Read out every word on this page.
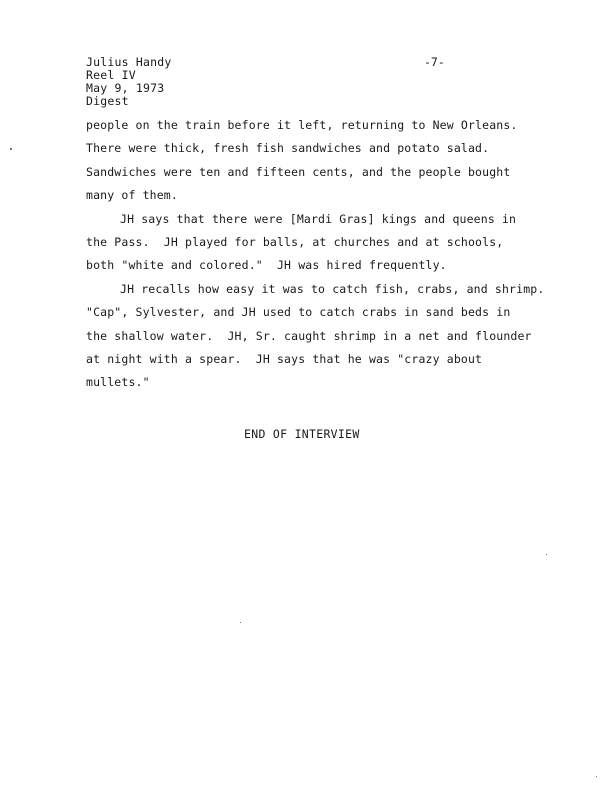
Julius Handy
Reel IV
May 9, 1973
Digest
-7-
people on the train before it left, returning to New Orleans.
There were thick, fresh fish sandwiches and potato salad.
Sandwiches were ten and fifteen cents, and the people bought
many of them.
JH says that there were [Mardi Gras] kings and queens in
the Pass.  JH played for balls, at churches and at schools,
both "white and colored."  JH was hired frequently.
JH recalls how easy it was to catch fish, crabs, and shrimp.
"Cap", Sylvester, and JH used to catch crabs in sand beds in
the shallow water.  JH, Sr. caught shrimp in a net and flounder
at night with a spear.  JH says that he was "crazy about
mullets."
END OF INTERVIEW
